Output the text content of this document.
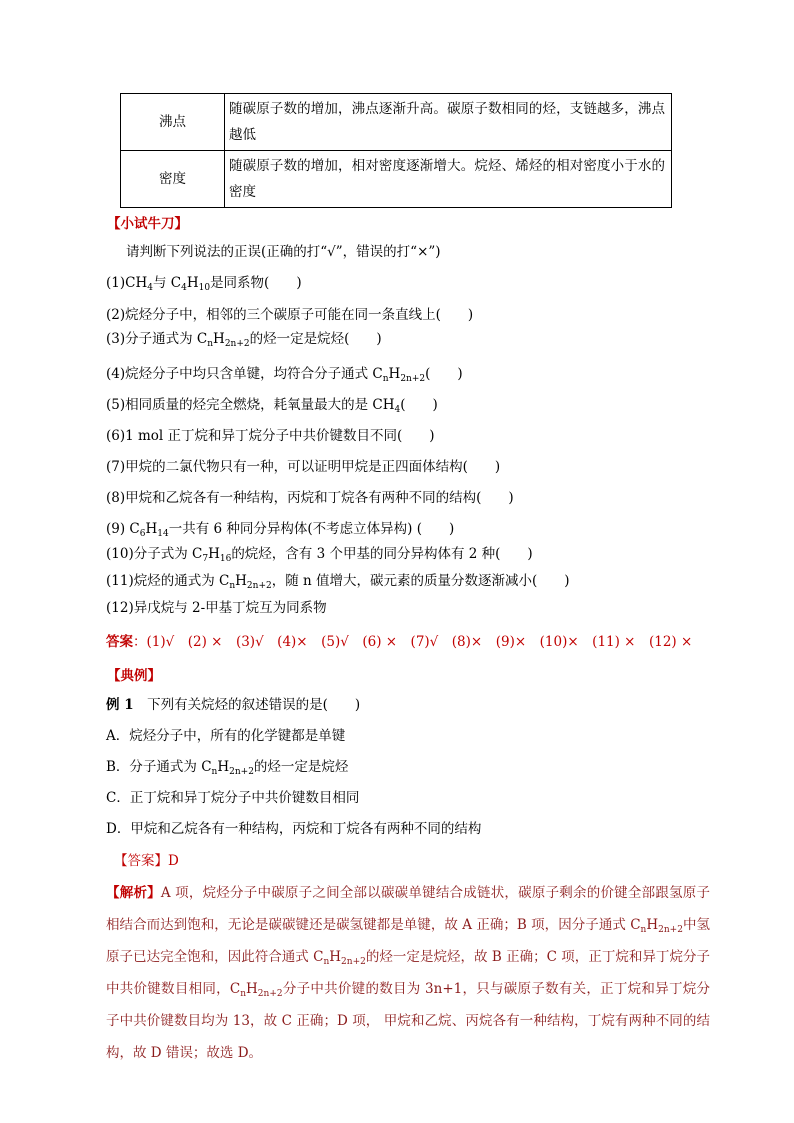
沸点	随碳原子数的增加，沸点逐渐升高。碳原子数相同的烃，支链越多，沸点越低
密度	随碳原子数的增加，相对密度逐渐增大。烷烃、烯烃的相对密度小于水的密度
【小试牛刀】
请判断下列说法的正误(正确的打“√”，错误的打“×”)
$(1)CH_4$与 $C_4H_{10}$是同系物(　　)
(2)烷烃分子中，相邻的三个碳原子可能在同一条直线上(　　)
(3)分子通式为 $C_nH_{2n+2}$的烃一定是烷烃(　　)
(4)烷烃分子中均只含单键，均符合分子通式 $C_nH_{2n+2}$(　　)
(5)相同质量的烃完全燃烧，耗氧量最大的是 $CH_4$(　　)
(6)1 mol 正丁烷和异丁烷分子中共价键数目不同(　　)
(7)甲烷的二氯代物只有一种，可以证明甲烷是正四面体结构(　　)
(8)甲烷和乙烷各有一种结构，丙烷和丁烷各有两种不同的结构(　　)
(9) $C_6H_{14}$一共有 6 种同分异构体(不考虑立体异构) (　　)
(10)分子式为 $C_7H_{16}$的烷烃，含有 3 个甲基的同分异构体有 2 种(　　)
(11)烷烃的通式为 $C_nH_{2n+2}$，随 n 值增大，碳元素的质量分数逐渐减小(　　)
(12)异戊烷与 2-甲基丁烷互为同系物
答案：(1)√　(2) ×　(3)√　(4)×　(5)√　(6) ×　(7)√　(8)×　(9)×　(10)×　(11) ×　(12) ×
【典例】
例 1　 下列有关烷烃的叙述错误的是(　　)
A．烷烃分子中，所有的化学键都是单键
B．分子通式为 $C_nH_{2n+2}$的烃一定是烷烃
C．正丁烷和异丁烷分子中共价键数目相同
D．甲烷和乙烷各有一种结构，丙烷和丁烷各有两种不同的结构
【答案】D
【解析】A 项，烷烃分子中碳原子之间全部以碳碳单键结合成链状，碳原子剩余的价键全部跟氢原子相结合而达到饱和，无论是碳碳键还是碳氢键都是单键，故 A 正确；B 项，因分子通式 $C_nH_{2n+2}$中氢原子已达完全饱和，因此符合通式 $C_nH_{2n+2}$的烃一定是烷烃，故 B 正确；C 项，正丁烷和异丁烷分子中共价键数目相同，$C_nH_{2n+2}$分子中共价键的数目为 3n+1，只与碳原子数有关，正丁烷和异丁烷分子中共价键数目均为 13，故 C 正确；D 项， 甲烷和乙烷、丙烷各有一种结构，丁烷有两种不同的结构，故 D 错误；故选 D。
